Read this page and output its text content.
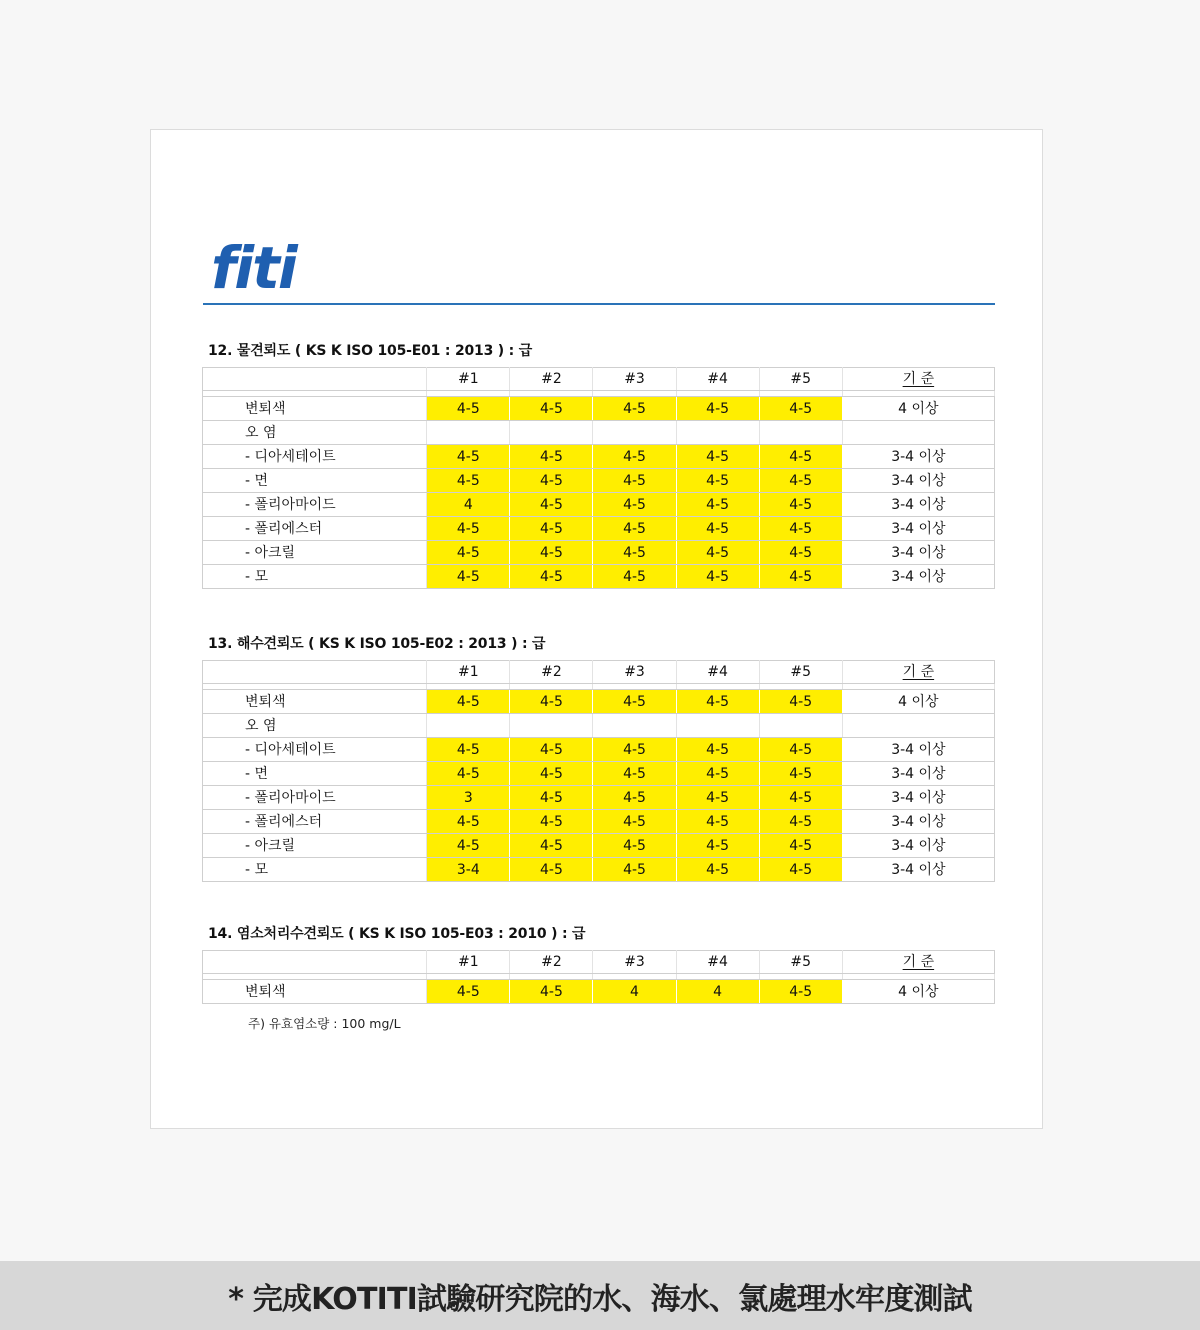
fiti
12. 물견뢰도 ( KS K ISO 105-E01 : 2013 ) : 급
	#1	#2	#3	#4	#5	기 준

변퇴색	4-5	4-5	4-5	4-5	4-5	4 이상
오 염						
- 디아세테이트	4-5	4-5	4-5	4-5	4-5	3-4 이상
- 면	4-5	4-5	4-5	4-5	4-5	3-4 이상
- 폴리아마이드	4	4-5	4-5	4-5	4-5	3-4 이상
- 폴리에스터	4-5	4-5	4-5	4-5	4-5	3-4 이상
- 아크릴	4-5	4-5	4-5	4-5	4-5	3-4 이상
- 모	4-5	4-5	4-5	4-5	4-5	3-4 이상
13. 해수견뢰도 ( KS K ISO 105-E02 : 2013 ) : 급
	#1	#2	#3	#4	#5	기 준

변퇴색	4-5	4-5	4-5	4-5	4-5	4 이상
오 염						
- 디아세테이트	4-5	4-5	4-5	4-5	4-5	3-4 이상
- 면	4-5	4-5	4-5	4-5	4-5	3-4 이상
- 폴리아마이드	3	4-5	4-5	4-5	4-5	3-4 이상
- 폴리에스터	4-5	4-5	4-5	4-5	4-5	3-4 이상
- 아크릴	4-5	4-5	4-5	4-5	4-5	3-4 이상
- 모	3-4	4-5	4-5	4-5	4-5	3-4 이상
14. 염소처리수견뢰도 ( KS K ISO 105-E03 : 2010 ) : 급
	#1	#2	#3	#4	#5	기 준

변퇴색	4-5	4-5	4	4	4-5	4 이상
주) 유효염소량 : 100 mg/L
* 完成KOTITI試驗研究院的水、海水、氯處理水牢度測試
